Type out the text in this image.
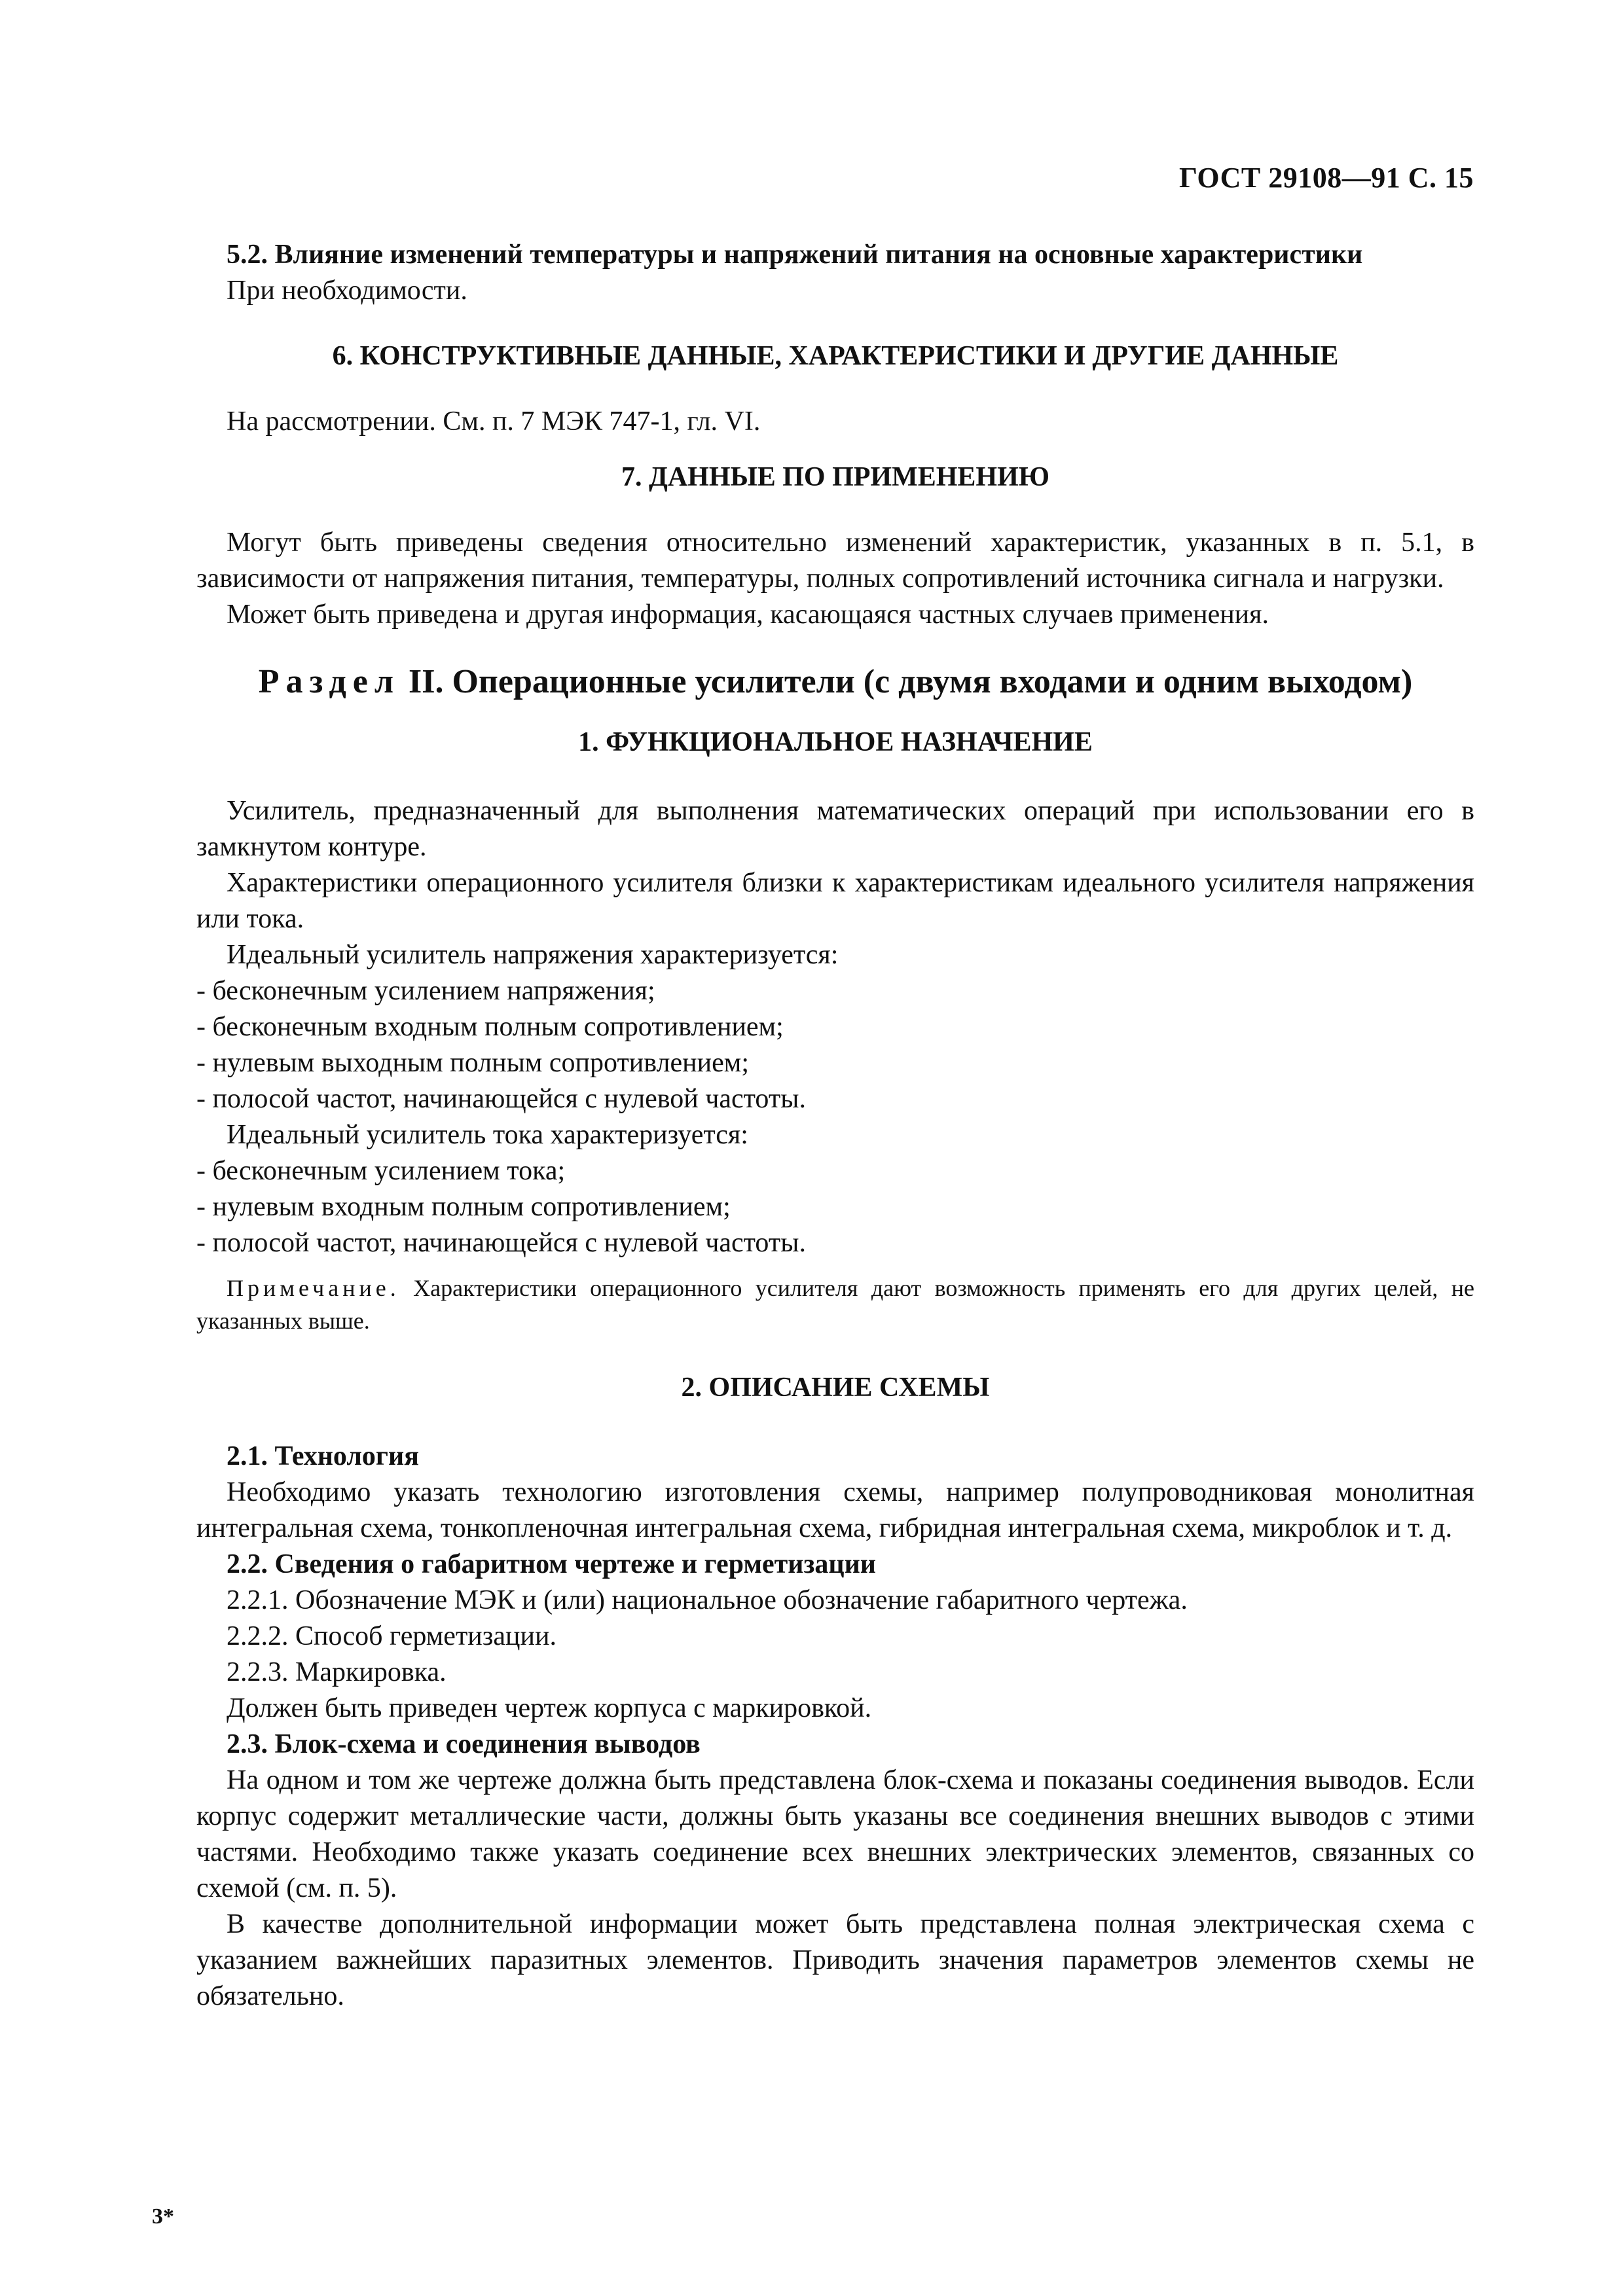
ГОСТ 29108—91 С. 15

5.2. Влияние изменений температуры и напряжений питания на основные характеристики

При необходимости.

6. КОНСТРУКТИВНЫЕ ДАННЫЕ, ХАРАКТЕРИСТИКИ И ДРУГИЕ ДАННЫЕ

На рассмотрении. См. п. 7 МЭК 747-1, гл. VI.

7. ДАННЫЕ ПО ПРИМЕНЕНИЮ

Могут быть приведены сведения относительно изменений характеристик, указанных в п. 5.1, в зависимости от напряжения питания, температуры, полных сопротивлений источника сигнала и нагрузки.

Может быть приведена и другая информация, касающаяся частных случаев применения.

Раздел II. Операционные усилители (с двумя входами и одним выходом)

1. ФУНКЦИОНАЛЬНОЕ НАЗНАЧЕНИЕ

Усилитель, предназначенный для выполнения математических операций при использовании его в замкнутом контуре.

Характеристики операционного усилителя близки к характеристикам идеального усилителя напряжения или тока.

Идеальный усилитель напряжения характеризуется:

- бесконечным усилением напряжения;

- бесконечным входным полным сопротивлением;

- нулевым выходным полным сопротивлением;

- полосой частот, начинающейся с нулевой частоты.

Идеальный усилитель тока характеризуется:

- бесконечным усилением тока;

- нулевым входным полным сопротивлением;

- полосой частот, начинающейся с нулевой частоты.

Примечание. Характеристики операционного усилителя дают возможность применять его для других целей, не указанных выше.

2. ОПИСАНИЕ СХЕМЫ

2.1. Технология

Необходимо указать технологию изготовления схемы, например полупроводниковая монолитная интегральная схема, тонкопленочная интегральная схема, гибридная интегральная схема, микроблок и т. д.

2.2. Сведения о габаритном чертеже и герметизации

2.2.1. Обозначение МЭК и (или) национальное обозначение габаритного чертежа.

2.2.2. Способ герметизации.

2.2.3. Маркировка.

Должен быть приведен чертеж корпуса с маркировкой.

2.3. Блок-схема и соединения выводов

На одном и том же чертеже должна быть представлена блок-схема и показаны соединения выводов. Если корпус содержит металлические части, должны быть указаны все соединения внешних выводов с этими частями. Необходимо также указать соединение всех внешних электрических элементов, связанных со схемой (см. п. 5).

В качестве дополнительной информации может быть представлена полная электрическая схема с указанием важнейших паразитных элементов. Приводить значения параметров элементов схемы не обязательно.

3*
